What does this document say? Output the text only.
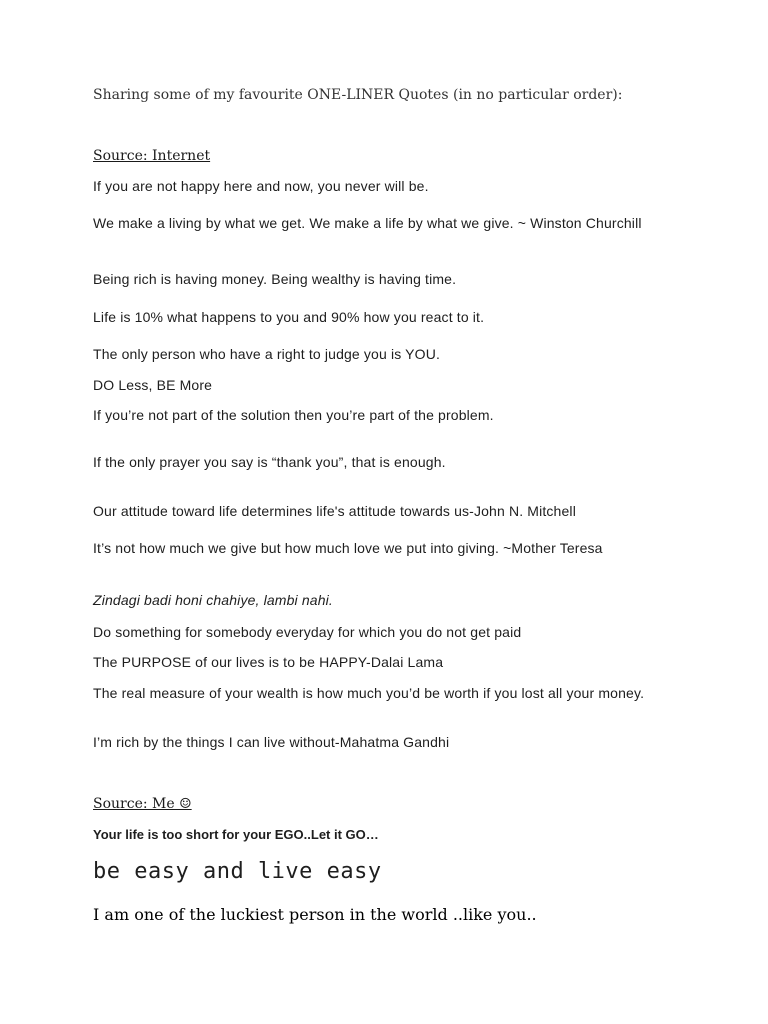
Sharing some of my favourite ONE-LINER Quotes (in no particular order):
Source: Internet
If you are not happy here and now, you never will be.
We make a living by what we get. We make a life by what we give. ~ Winston Churchill
Being rich is having money. Being wealthy is having time.
Life is 10% what happens to you and 90% how you react to it.
The only person who have a right to judge you is YOU.
DO Less, BE More
If you’re not part of the solution then you’re part of the problem.
If the only prayer you say is “thank you”, that is enough.
Our attitude toward life determines life's attitude towards us-John N. Mitchell
It’s not how much we give but how much love we put into giving. ~Mother Teresa
Zindagi badi honi chahiye, lambi nahi.
Do something for somebody everyday for which you do not get paid
The PURPOSE of our lives is to be HAPPY-Dalai Lama
The real measure of your wealth is how much you’d be worth if you lost all your money.
I’m rich by the things I can live without-Mahatma Gandhi
Source: Me ☺
Your life is too short for your EGO..Let it GO…
be easy and live easy
I am one of the luckiest person in the world ..like you..
